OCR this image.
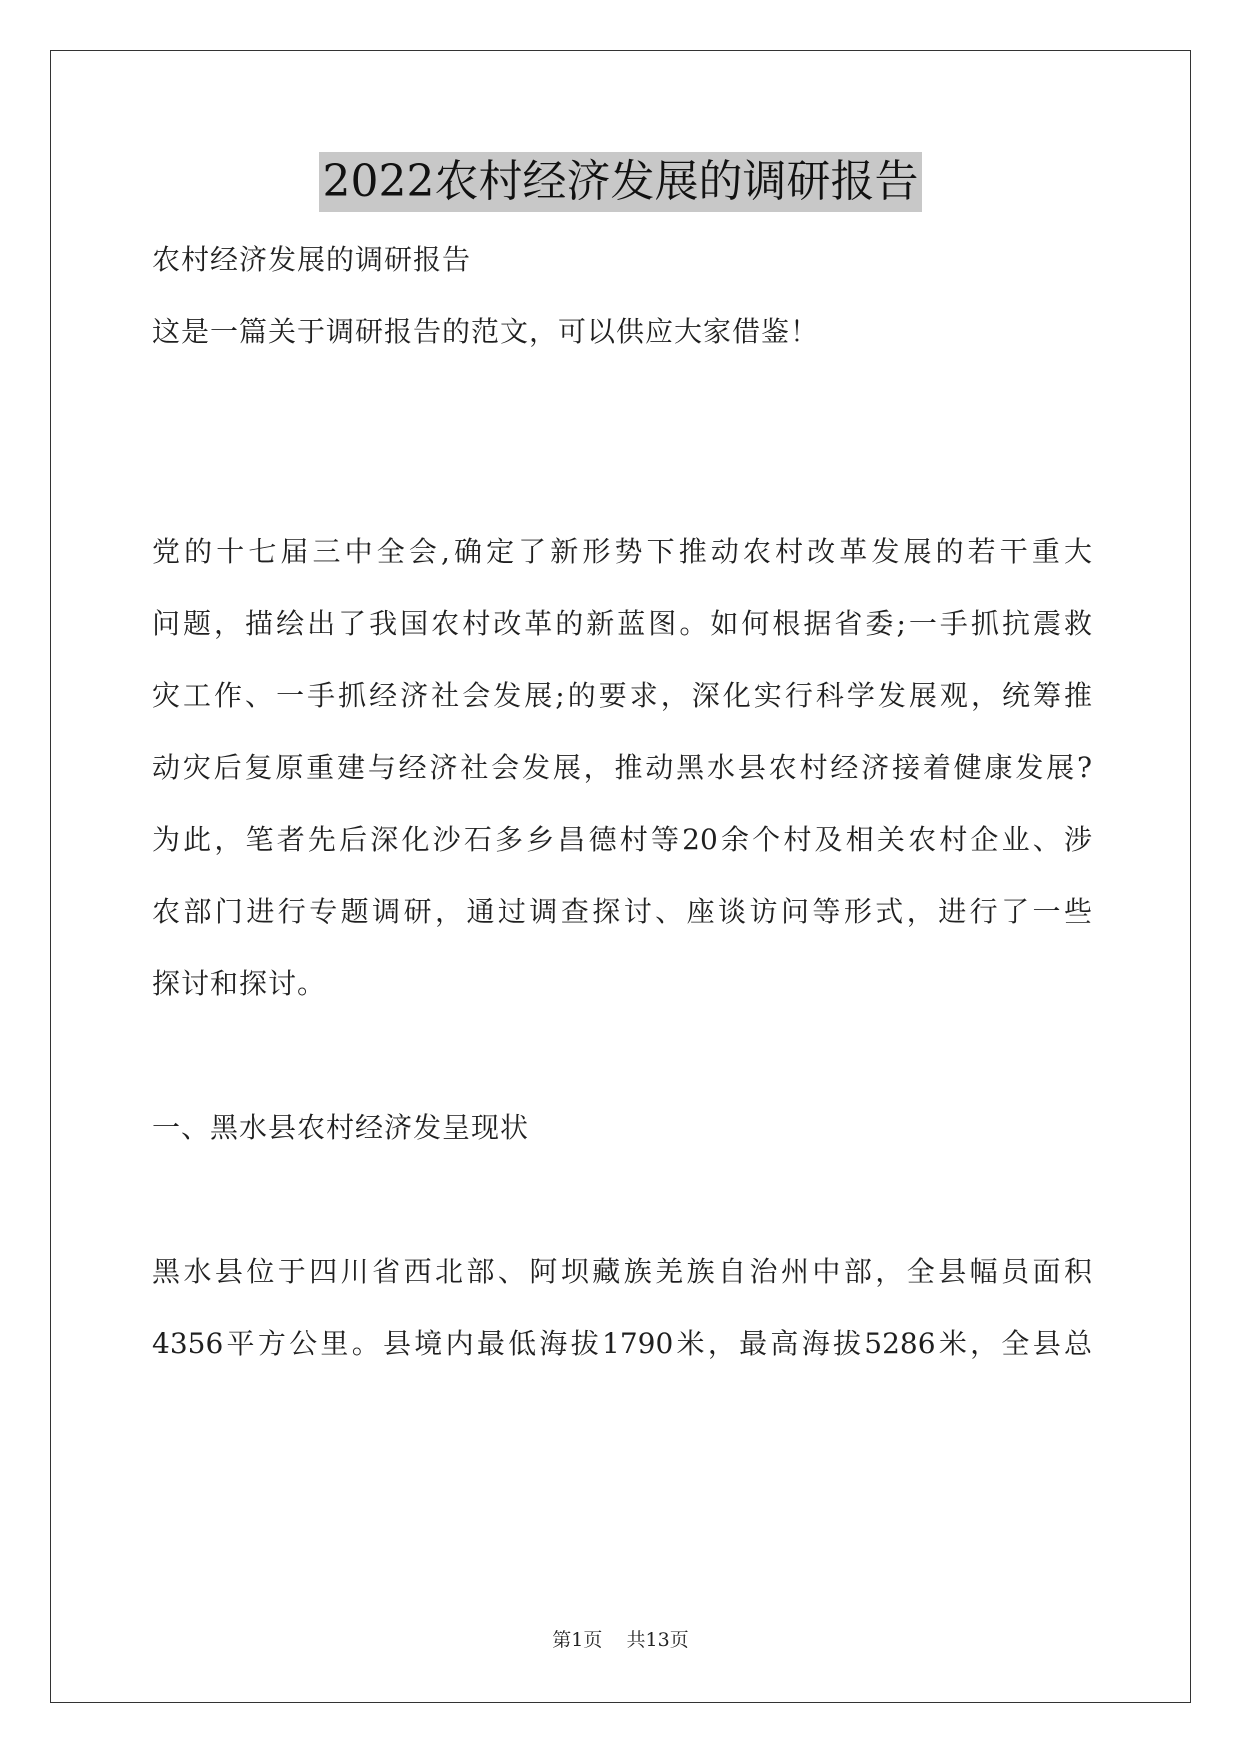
2022农村经济发展的调研报告
农村经济发展的调研报告
这是一篇关于调研报告的范文，可以供应大家借鉴！
党的十七届三中全会,确定了新形势下推动农村改革发展的若干重大
问题，描绘出了我国农村改革的新蓝图。如何根据省委;一手抓抗震救
灾工作、一手抓经济社会发展;的要求，深化实行科学发展观，统筹推
动灾后复原重建与经济社会发展，推动黑水县农村经济接着健康发展?
为此，笔者先后深化沙石多乡昌德村等20余个村及相关农村企业、涉
农部门进行专题调研，通过调查探讨、座谈访问等形式，进行了一些
探讨和探讨。
一、黑水县农村经济发呈现状
黑水县位于四川省西北部、阿坝藏族羌族自治州中部，全县幅员面积
4356平方公里。县境内最低海拔1790米，最高海拔5286米，全县总
第1页    共13页
